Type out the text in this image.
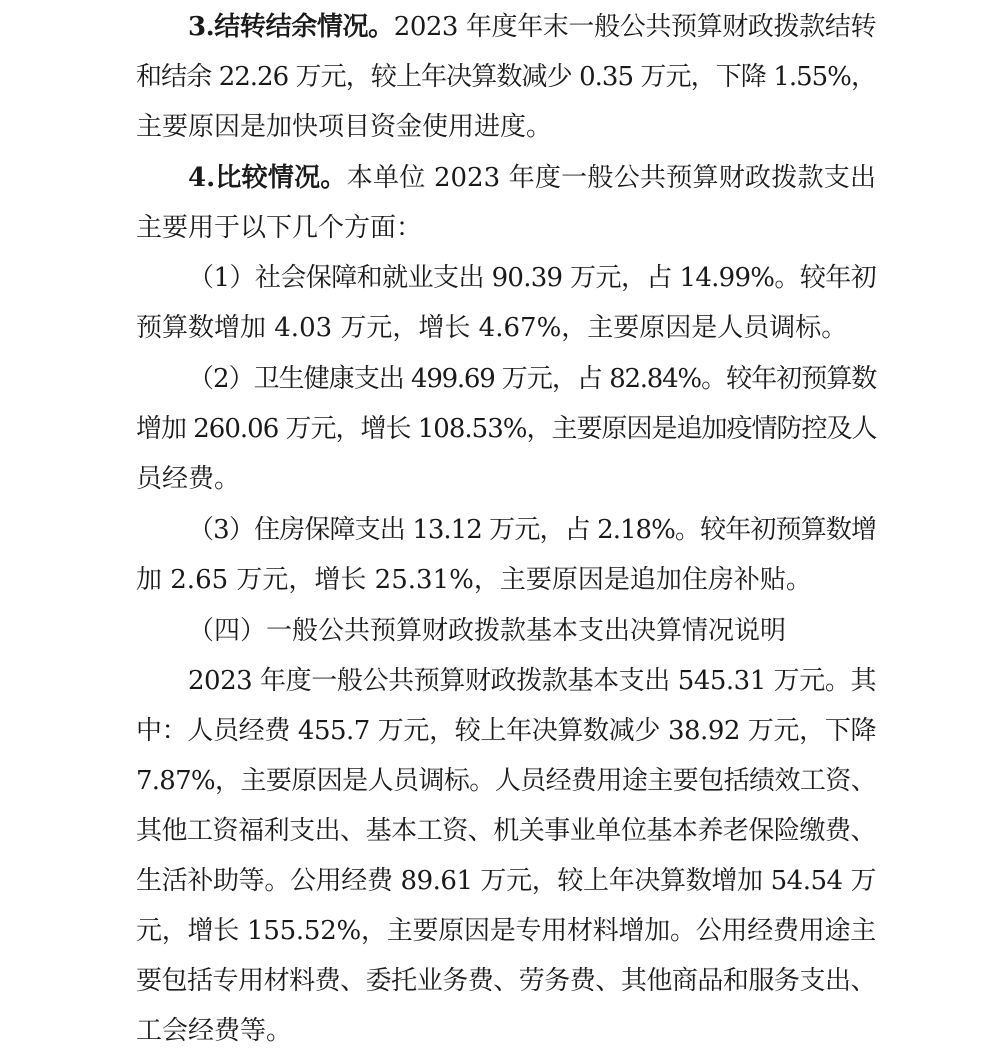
3.结转结余情况。2023 年度年末一般公共预算财政拨款结转
和结余 22.26 万元，较上年决算数减少 0.35 万元，下降 1.55%，
主要原因是加快项目资金使用进度。
4.比较情况。本单位 2023 年度一般公共预算财政拨款支出
主要用于以下几个方面：
（1）社会保障和就业支出 90.39 万元，占 14.99%。较年初
预算数增加 4.03 万元，增长 4.67%，主要原因是人员调标。
（2）卫生健康支出 499.69 万元，占 82.84%。较年初预算数
增加 260.06 万元，增长 108.53%，主要原因是追加疫情防控及人
员经费。
（3）住房保障支出 13.12 万元，占 2.18%。较年初预算数增
加 2.65 万元，增长 25.31%，主要原因是追加住房补贴。
（四）一般公共预算财政拨款基本支出决算情况说明
2023 年度一般公共预算财政拨款基本支出 545.31 万元。其
中：人员经费 455.7 万元，较上年决算数减少 38.92 万元，下降
7.87%，主要原因是人员调标。人员经费用途主要包括绩效工资、
其他工资福利支出、基本工资、机关事业单位基本养老保险缴费、
生活补助等。公用经费 89.61 万元，较上年决算数增加 54.54 万
元，增长 155.52%，主要原因是专用材料增加。公用经费用途主
要包括专用材料费、委托业务费、劳务费、其他商品和服务支出、
工会经费等。
